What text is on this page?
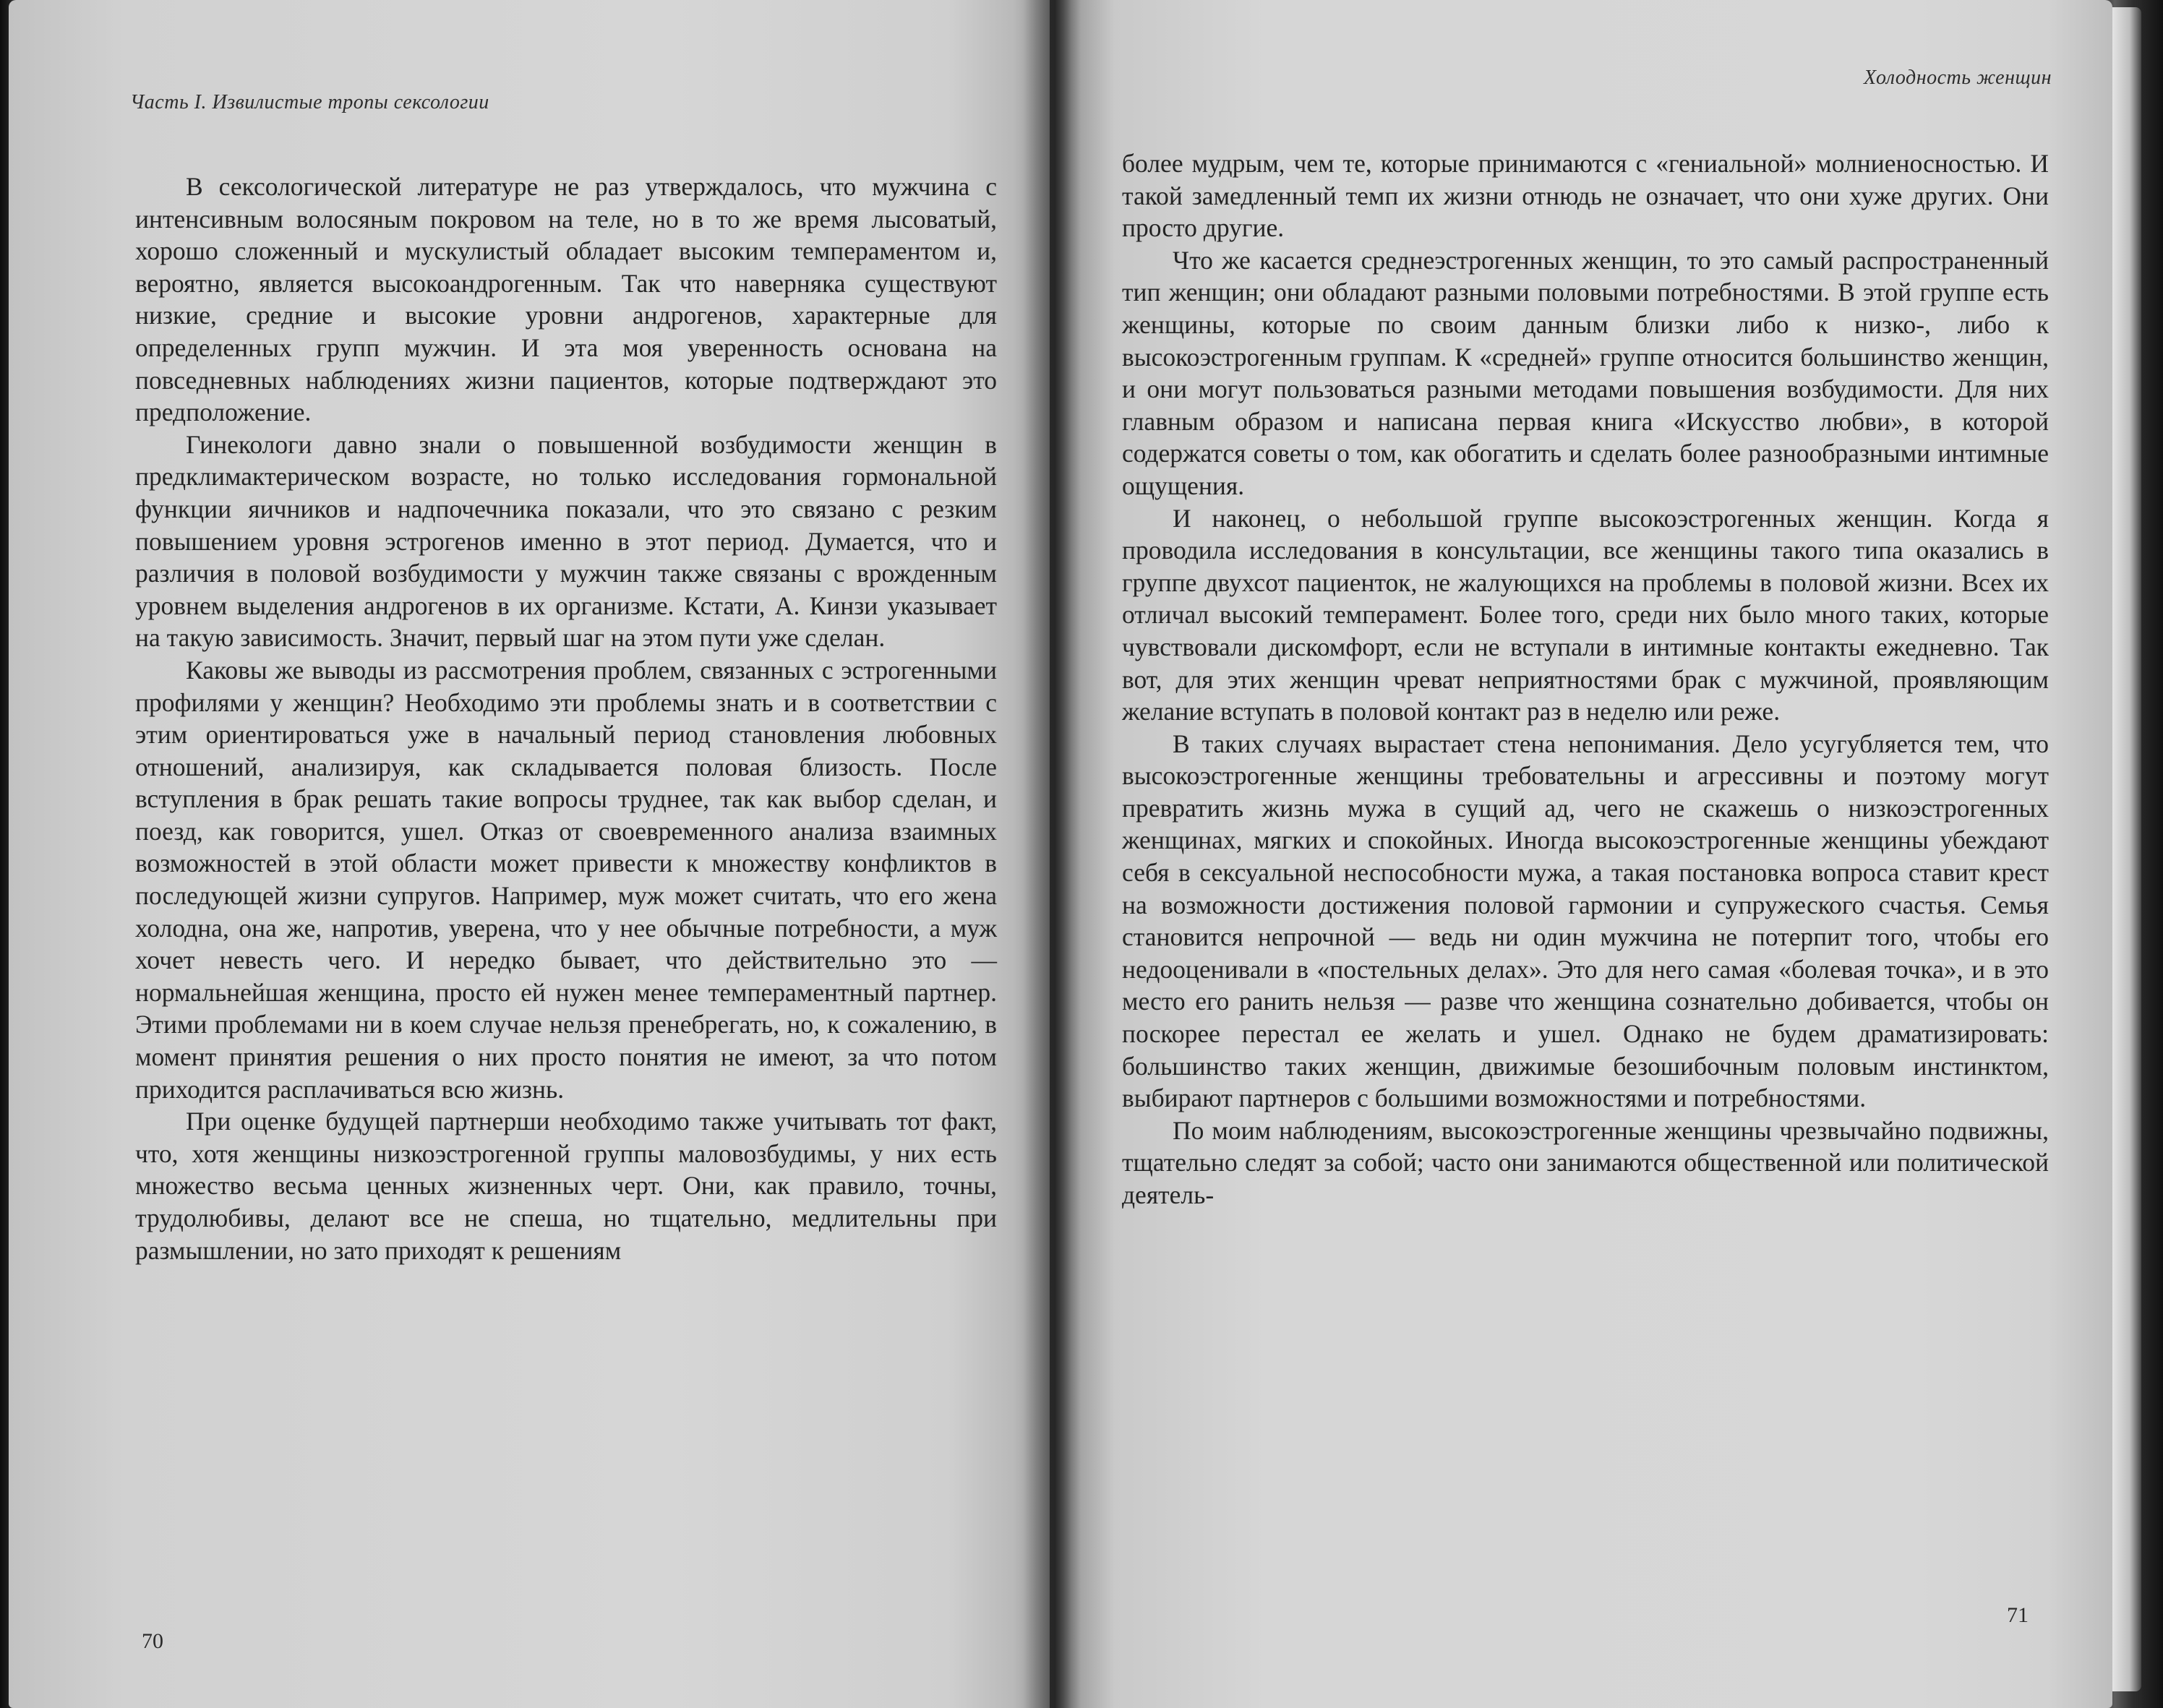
Часть I. Извилистые тропы сексологии

В сексологической литературе не раз утверждалось, что мужчина с интенсивным волосяным покровом на теле, но в то же время лысоватый, хорошо сложенный и мускулистый обладает высоким темпераментом и, вероятно, является высокоандрогенным. Так что наверняка существуют низкие, средние и высокие уровни андрогенов, характерные для определенных групп мужчин. И эта моя уверенность основана на повседневных наблюдениях жизни пациентов, которые подтверждают это предположение.

Гинекологи давно знали о повышенной возбудимости женщин в предклимактерическом возрасте, но только исследования гормональной функции яичников и надпочечника показали, что это связано с резким повышением уровня эстрогенов именно в этот период. Думается, что и различия в половой возбудимости у мужчин также связаны с врожденным уровнем выделения андрогенов в их организме. Кстати, А. Кинзи указывает на такую зависимость. Значит, первый шаг на этом пути уже сделан.

Каковы же выводы из рассмотрения проблем, связанных с эстрогенными профилями у женщин? Необходимо эти проблемы знать и в соответствии с этим ориентироваться уже в начальный период становления любовных отношений, анализируя, как складывается половая близость. После вступления в брак решать такие вопросы труднее, так как выбор сделан, и поезд, как говорится, ушел. Отказ от своевременного анализа взаимных возможностей в этой области может привести к множеству конфликтов в последующей жизни супругов. Например, муж может считать, что его жена холодна, она же, напротив, уверена, что у нее обычные потребности, а муж хочет невесть чего. И нередко бывает, что действительно это — нормальнейшая женщина, просто ей нужен менее темпераментный партнер. Этими проблемами ни в коем случае нельзя пренебрегать, но, к сожалению, в момент принятия решения о них просто понятия не имеют, за что потом приходится расплачиваться всю жизнь.

При оценке будущей партнерши необходимо также учитывать тот факт, что, хотя женщины низкоэстрогенной группы маловозбудимы, у них есть множество весьма ценных жизненных черт. Они, как правило, точны, трудолюбивы, делают все не спеша, но тщательно, медлительны при размышлении, но зато приходят к решениям

70
Холодность женщин

более мудрым, чем те, которые принимаются с «гениальной» молниеносностью. И такой замедленный темп их жизни отнюдь не означает, что они хуже других. Они просто другие.

Что же касается среднеэстрогенных женщин, то это самый распространенный тип женщин; они обладают разными половыми потребностями. В этой группе есть женщины, которые по своим данным близки либо к низко-, либо к высокоэстрогенным группам. К «средней» группе относится большинство женщин, и они могут пользоваться разными методами повышения возбудимости. Для них главным образом и написана первая книга «Искусство любви», в которой содержатся советы о том, как обогатить и сделать более разнообразными интимные ощущения.

И наконец, о небольшой группе высокоэстрогенных женщин. Когда я проводила исследования в консультации, все женщины такого типа оказались в группе двухсот пациенток, не жалующихся на проблемы в половой жизни. Всех их отличал высокий темперамент. Более того, среди них было много таких, которые чувствовали дискомфорт, если не вступали в интимные контакты ежедневно. Так вот, для этих женщин чреват неприятностями брак с мужчиной, проявляющим желание вступать в половой контакт раз в неделю или реже.

В таких случаях вырастает стена непонимания. Дело усугубляется тем, что высокоэстрогенные женщины требовательны и агрессивны и поэтому могут превратить жизнь мужа в сущий ад, чего не скажешь о низкоэстрогенных женщинах, мягких и спокойных. Иногда высокоэстрогенные женщины убеждают себя в сексуальной неспособности мужа, а такая постановка вопроса ставит крест на возможности достижения половой гармонии и супружеского счастья. Семья становится непрочной — ведь ни один мужчина не потерпит того, чтобы его недооценивали в «постельных делах». Это для него самая «болевая точка», и в это место его ранить нельзя — разве что женщина сознательно добивается, чтобы он поскорее перестал ее желать и ушел. Однако не будем драматизировать: большинство таких женщин, движимые безошибочным половым инстинктом, выбирают партнеров с большими возможностями и потребностями.

По моим наблюдениям, высокоэстрогенные женщины чрезвычайно подвижны, тщательно следят за собой; часто они занимаются общественной или политической деятель-

71
